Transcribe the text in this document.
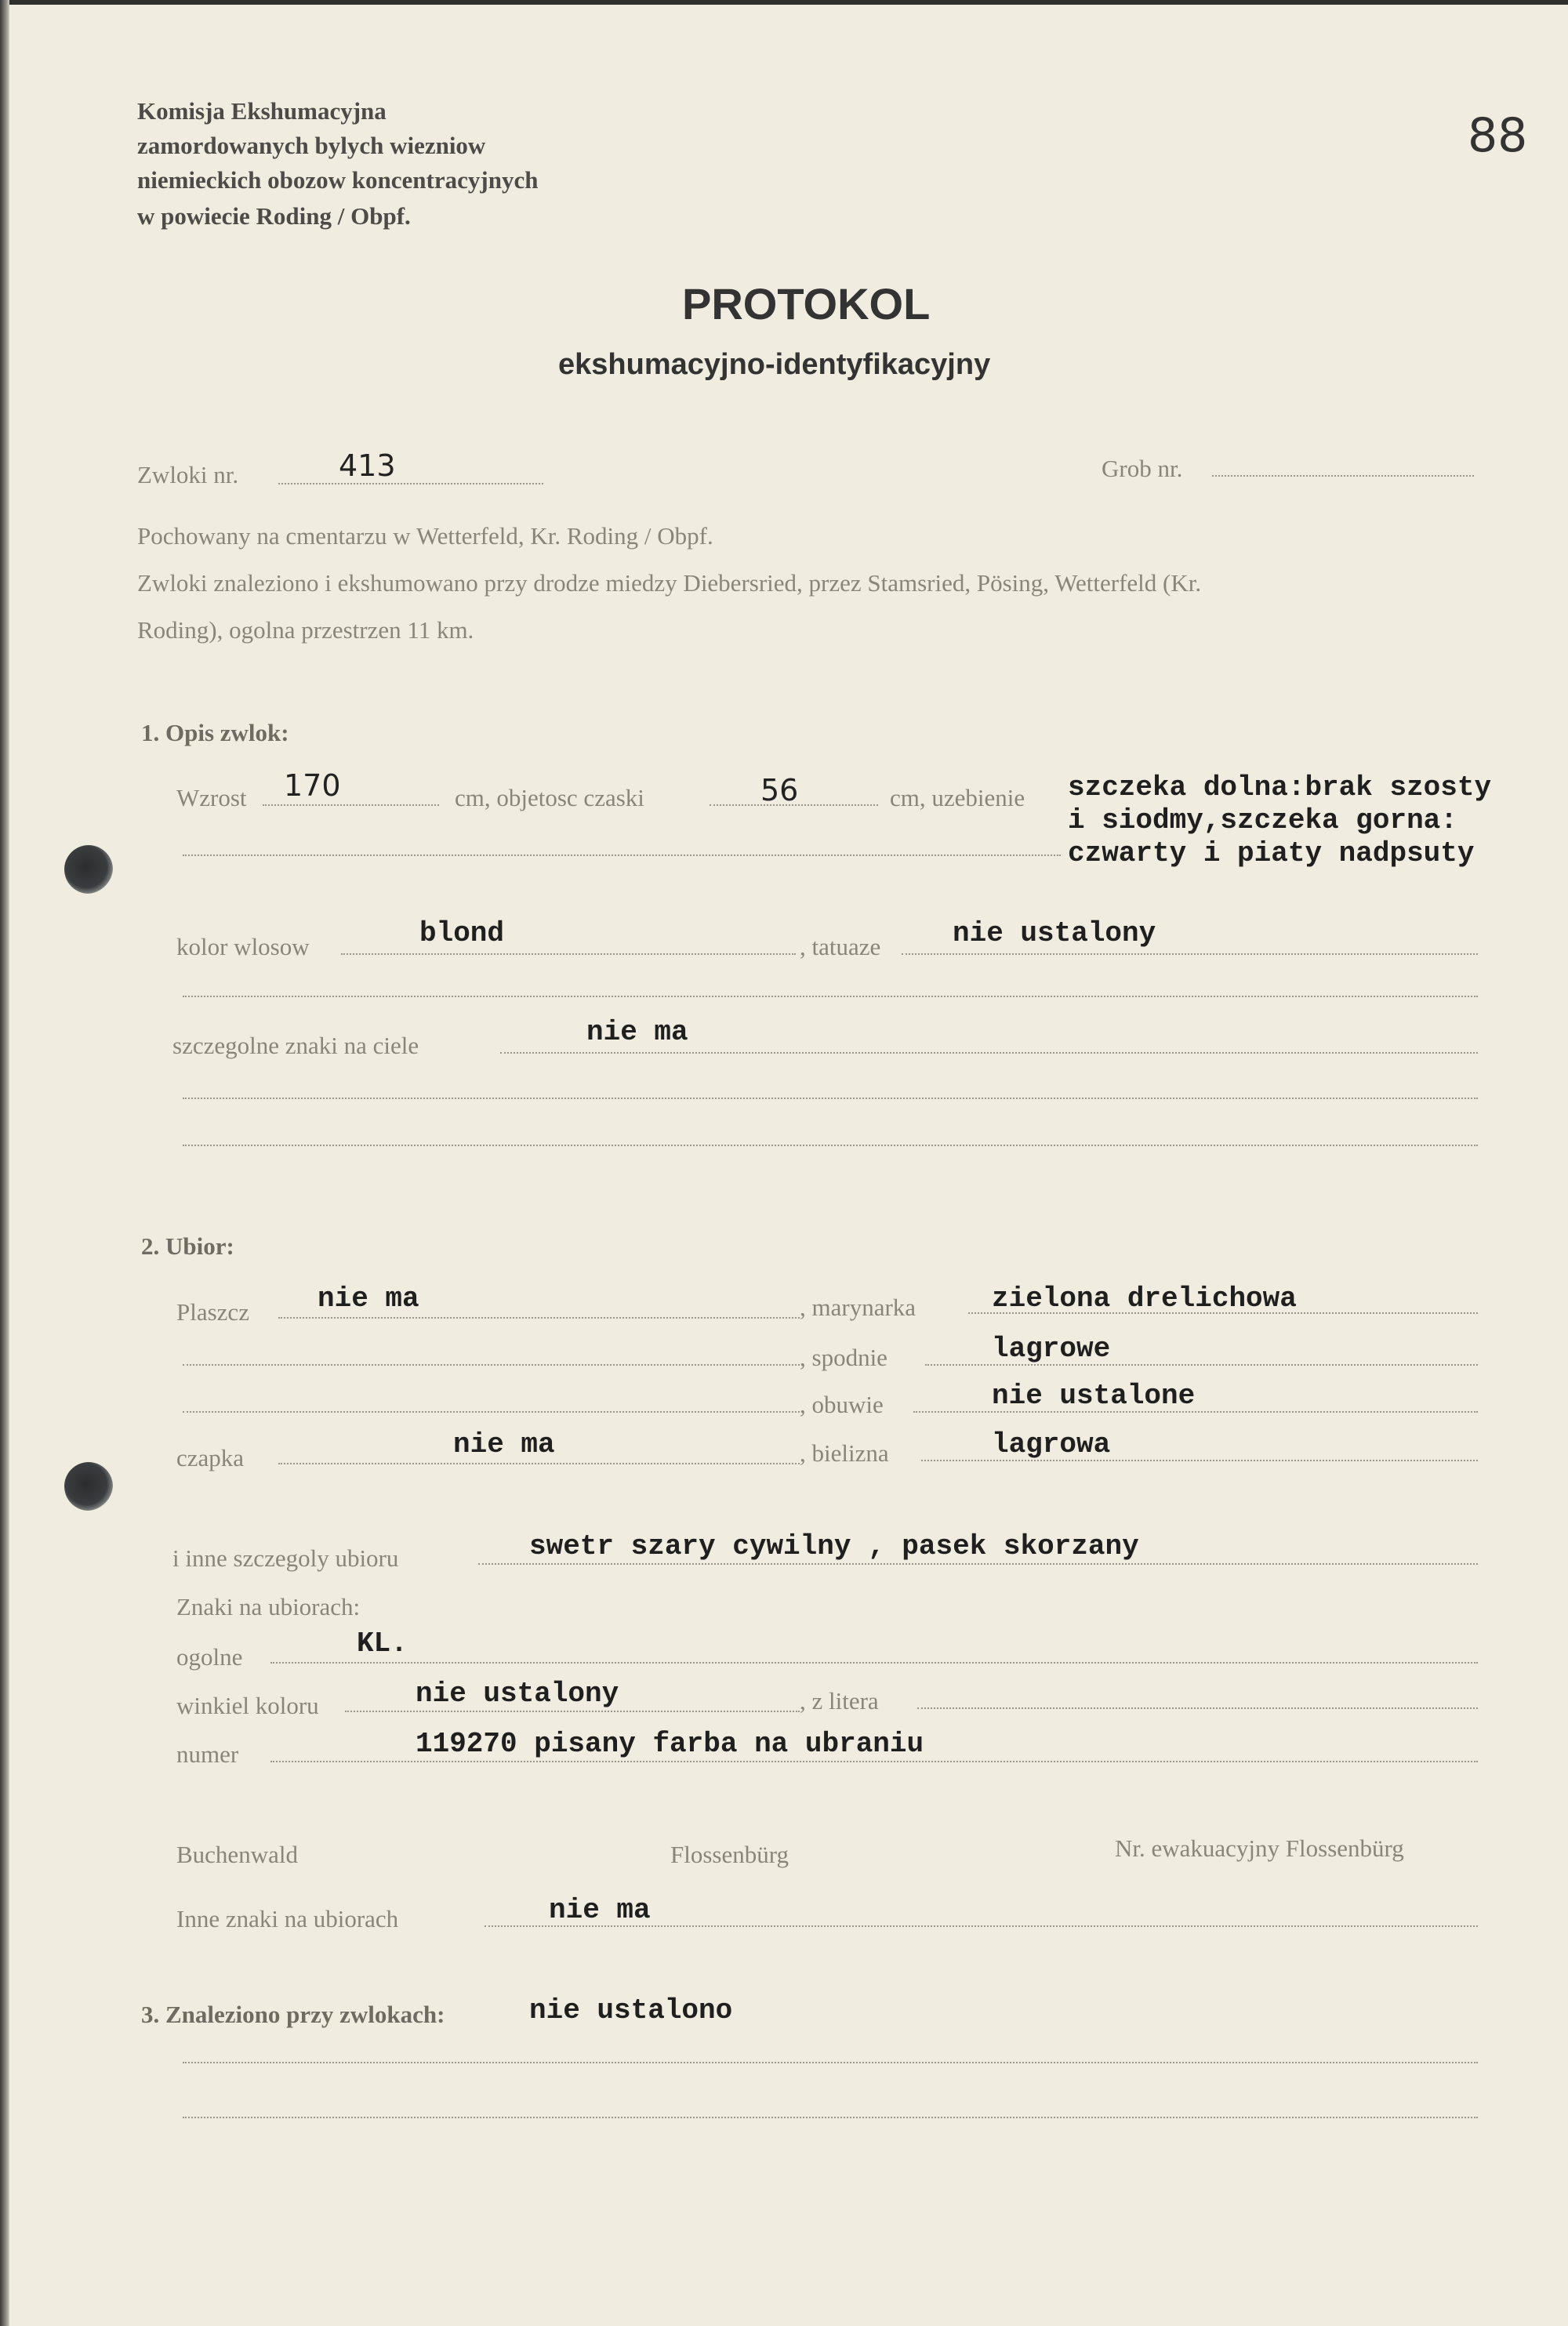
Komisja Ekshumacyjna
zamordowanych bylych wiezniow
niemieckich obozow koncentracyjnych
w powiecie Roding / Obpf.
88
PROTOKOL
ekshumacyjno-identyfikacyjny
Zwloki nr.	413	Grob nr.
Pochowany na cmentarzu w Wetterfeld, Kr. Roding / Obpf.
Zwloki znaleziono i ekshumowano przy drodze miedzy Diebersried, przez Stamsried, Pösing, Wetterfeld (Kr.
Roding), ogolna przestrzen 11 km.
1. Opis zwlok:
Wzrost 170	cm, objetosc czaski	56	cm, uzebienie szczeka dolna:brak szosty
i siodmy,szczeka gorna:
czwarty i piaty nadpsuty
kolor wlosow	blond	, tatuaze	nie ustalony
szczegolne znaki na ciele	nie ma
2. Ubior:
Plaszcz nie ma	, marynarka	zielona drelichowa
, spodnie	lagrowe
, obuwie	nie ustalone
czapka	nie ma	, bielizna	lagrowa
i inne szczegoly ubioru	swetr szary cywilny , pasek skorzany
Znaki na ubiorach:
ogolne	KL.
winkiel koloru	nie ustalony	, z litera
numer	119270 pisany farba na ubraniu
Buchenwald	Flossenbürg	Nr. ewakuacyjny Flossenbürg
Inne znaki na ubiorach	nie ma
3. Znaleziono przy zwlokach:	nie ustalono
